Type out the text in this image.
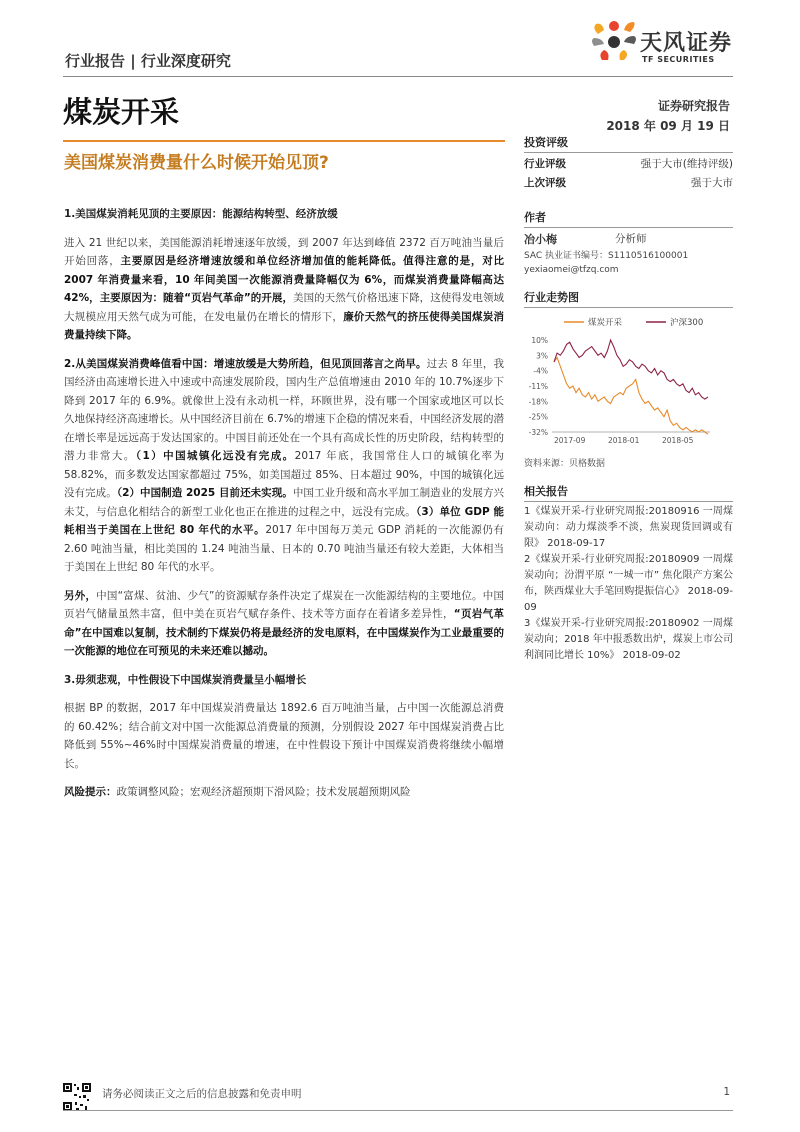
行业报告 | 行业深度研究
天风证券
TF SECURITIES
煤炭开采	证券研究报告
2018 年 09 月 19 日
美国煤炭消费量什么时候开始见顶?
1.美国煤炭消耗见顶的主要原因：能源结构转型、经济放缓

进入 21 世纪以来，美国能源消耗增速逐年放缓，到 2007 年达到峰值 2372 百万吨油当量后开始回落，主要原因是经济增速放缓和单位经济增加值的能耗降低。值得注意的是，对比 2007 年消费量来看，10 年间美国一次能源消费量降幅仅为 6%，而煤炭消费量降幅高达 42%，主要原因为：随着“页岩气革命”的开展，美国的天然气价格迅速下降，这使得发电领域大规模应用天然气成为可能，在发电量仍在增长的情形下，廉价天然气的挤压使得美国煤炭消费量持续下降。

2.从美国煤炭消费峰值看中国：增速放缓是大势所趋，但见顶回落言之尚早。过去 8 年里，我国经济由高速增长进入中速或中高速发展阶段，国内生产总值增速由 2010 年的 10.7%逐步下降到 2017 年的 6.9%。就像世上没有永动机一样，环顾世界，没有哪一个国家或地区可以长久地保持经济高速增长。从中国经济目前在 6.7%的增速下企稳的情况来看，中国经济发展的潜在增长率是远远高于发达国家的。中国目前还处在一个具有高成长性的历史阶段，结构转型的潜力非常大。（1）中国城镇化远没有完成。2017 年底，我国常住人口的城镇化率为 58.82%，而多数发达国家都超过 75%，如美国超过 85%、日本超过 90%，中国的城镇化远没有完成。（2）中国制造 2025 目前还未实现。中国工业升级和高水平加工制造业的发展方兴未艾，与信息化相结合的新型工业化也正在推进的过程之中，远没有完成。（3）单位 GDP 能耗相当于美国在上世纪 80 年代的水平。2017 年中国每万美元 GDP 消耗的一次能源仍有 2.60 吨油当量，相比美国的 1.24 吨油当量、日本的 0.70 吨油当量还有较大差距，大体相当于美国在上世纪 80 年代的水平。

另外，中国“富煤、贫油、少气”的资源赋存条件决定了煤炭在一次能源结构的主要地位。中国页岩气储量虽然丰富，但中美在页岩气赋存条件、技术等方面存在着诸多差异性，“页岩气革命”在中国难以复制，技术制约下煤炭仍将是最经济的发电原料，在中国煤炭作为工业最重要的一次能源的地位在可预见的未来还难以撼动。

3.毋须悲观，中性假设下中国煤炭消费量呈小幅增长

根据 BP 的数据，2017 年中国煤炭消费量达 1892.6 百万吨油当量，占中国一次能源总消费的 60.42%；结合前文对中国一次能源总消费量的预测，分别假设 2027 年中国煤炭消费占比降低到 55%~46%时中国煤炭消费量的增速，在中性假设下预计中国煤炭消费将继续小幅增长。

风险提示：政策调整风险；宏观经济超预期下滑风险；技术发展超预期风险

投资评级
行业评级	强于大市(维持评级)
上次评级	强于大市
作者
冶小梅	分析师
SAC 执业证书编号：S1110516100001
yexiaomei@tfzq.com
行业走势图
煤炭开采	沪深300
10%
3%
-4%
-11%
-18%
-25%
-32%
2017-09	2018-01	2018-05
资料来源：贝格数据
相关报告
1《煤炭开采-行业研究周报:20180916 一周煤炭动向：动力煤淡季不淡，焦炭现货回调或有限》 2018-09-17
2《煤炭开采-行业研究周报:20180909 一周煤炭动向；汾渭平原 “一城一市” 焦化限产方案公布，陕西煤业大手笔回购提振信心》 2018-09-09
3《煤炭开采-行业研究周报:20180902 一周煤炭动向；2018 年中报悉数出炉，煤炭上市公司利润同比增长 10%》 2018-09-02
请务必阅读正文之后的信息披露和免责申明	1
